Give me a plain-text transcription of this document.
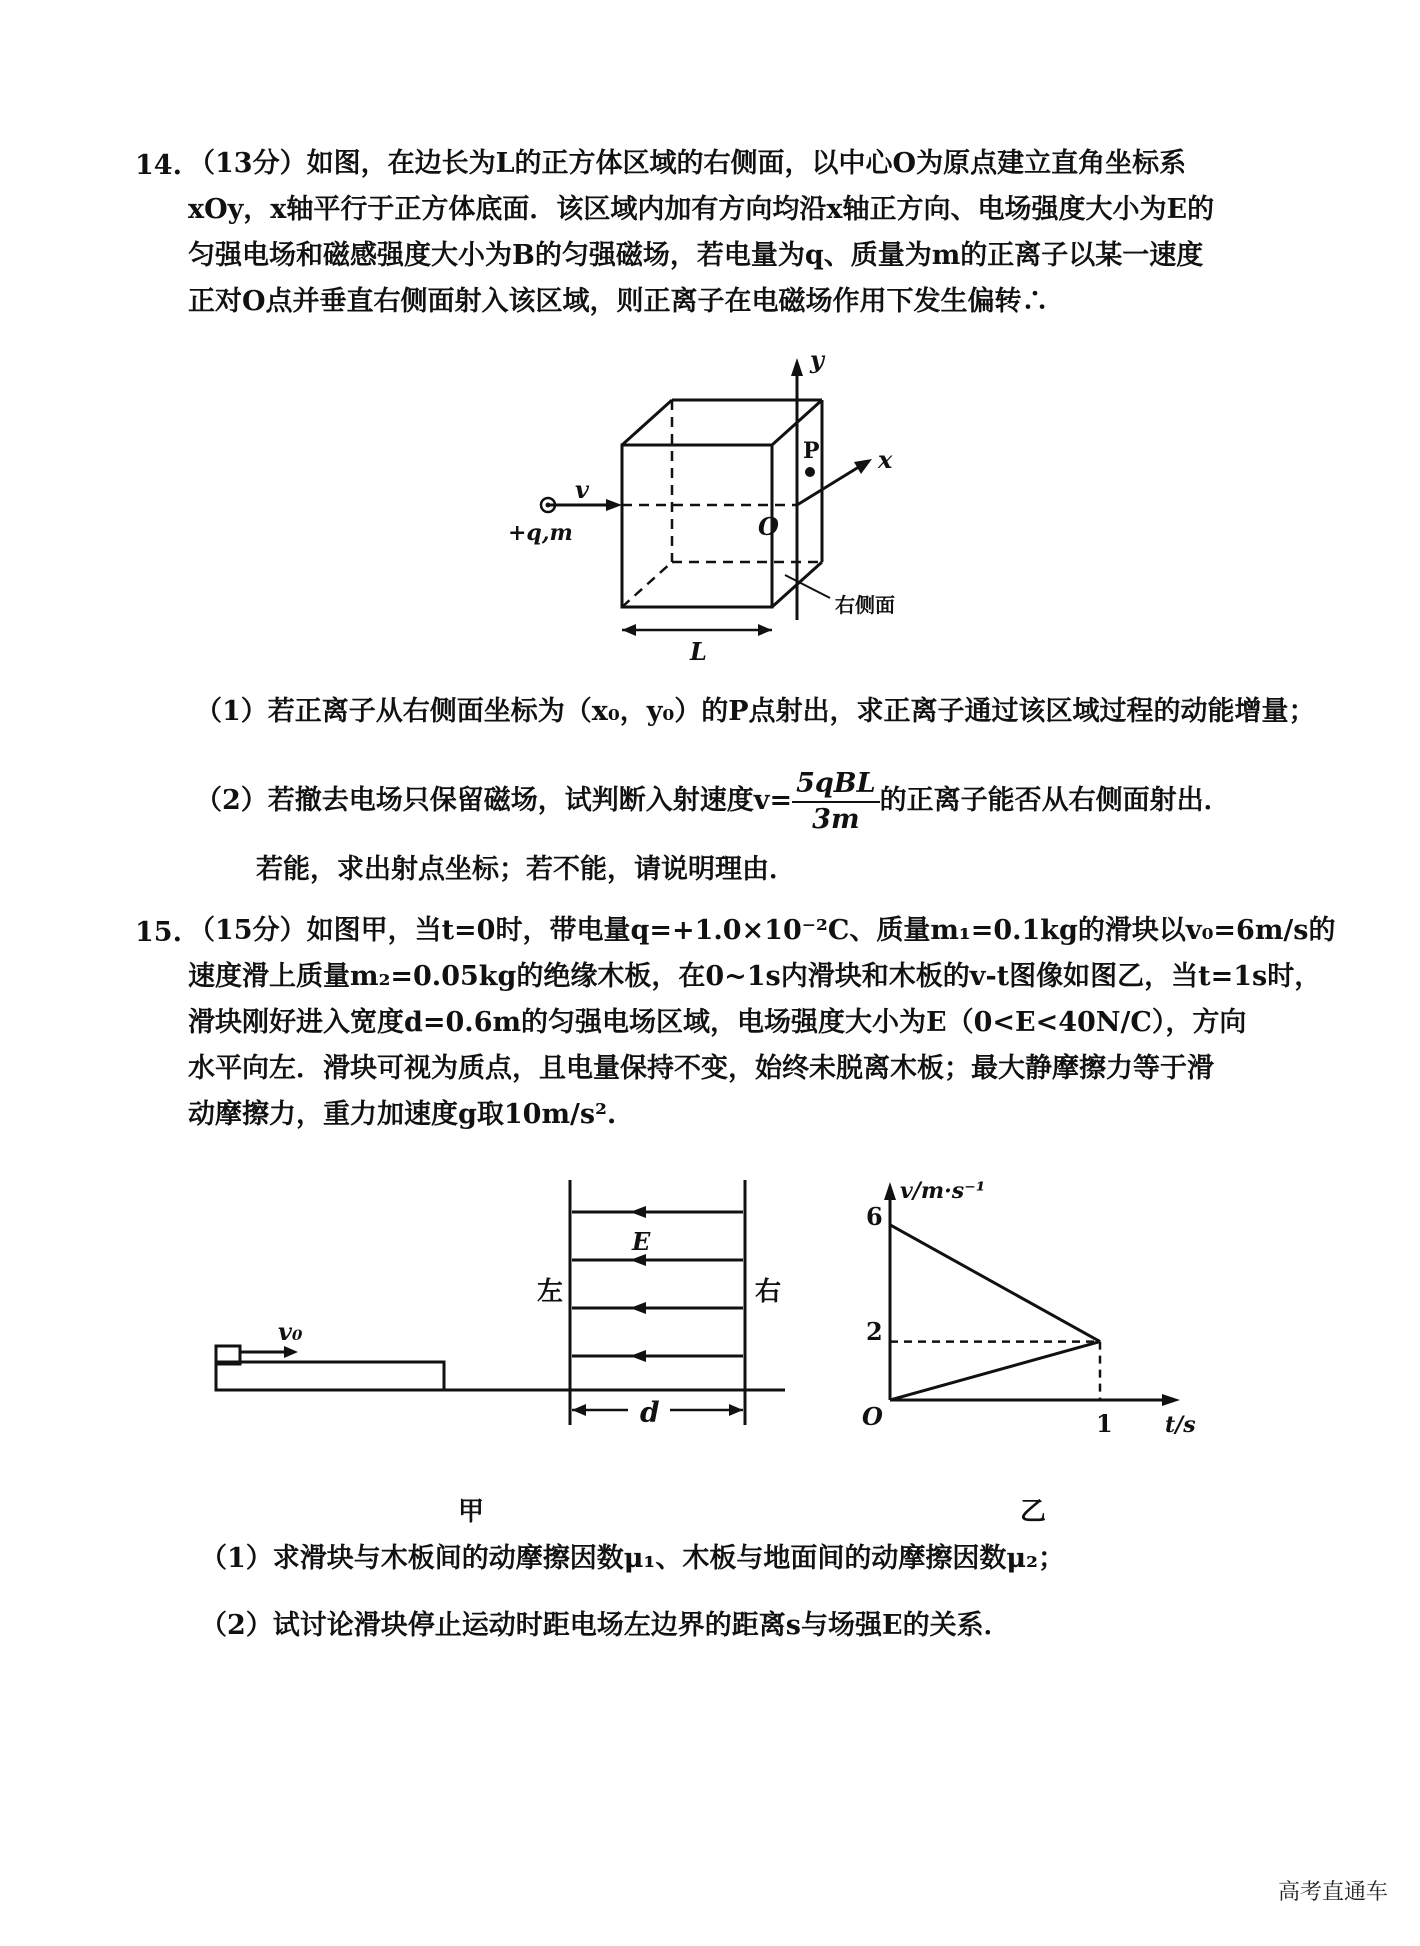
14. （13分）如图，在边长为L的正方体区域的右侧面，以中心O为原点建立直角坐标系
xOy，x轴平行于正方体底面．该区域内加有方向均沿x轴正方向、电场强度大小为E的
匀强电场和磁感强度大小为B的匀强磁场，若电量为q、质量为m的正离子以某一速度
正对O点并垂直右侧面射入该区域，则正离子在电磁场作用下发生偏转∴
y
x
P
O
v
+q,m
L
右侧面
（1）若正离子从右侧面坐标为（x₀，y₀）的P点射出，求正离子通过该区域过程的动能增量；
（2）若撤去电场只保留磁场，试判断入射速度$v= \frac{\text{5qBL}}{3m}$ 的正离子能否从右侧面射出．
若能，求出射点坐标；若不能，请说明理由．
15. （15分）如图甲，当t=0时，带电量q=+1.0×10⁻²C、质量m₁=0.1kg的滑块以v₀=6m/s的
速度滑上质量m₂=0.05kg的绝缘木板，在0~1s内滑块和木板的v-t图像如图乙，当t=1s时，
滑块刚好进入宽度d=0.6m的匀强电场区域，电场强度大小为E（0<E<40N/C），方向
水平向左．滑块可视为质点，且电量保持不变，始终未脱离木板；最大静摩擦力等于滑
动摩擦力，重力加速度g取10m/s².
左	右
E
v₀
d
甲
v/m·s⁻¹
t/s
6
2
1
O
乙
（1）求滑块与木板间的动摩擦因数μ₁、木板与地面间的动摩擦因数μ₂；
（2）试讨论滑块停止运动时距电场左边界的距离s与场强E的关系．
高考直通车
